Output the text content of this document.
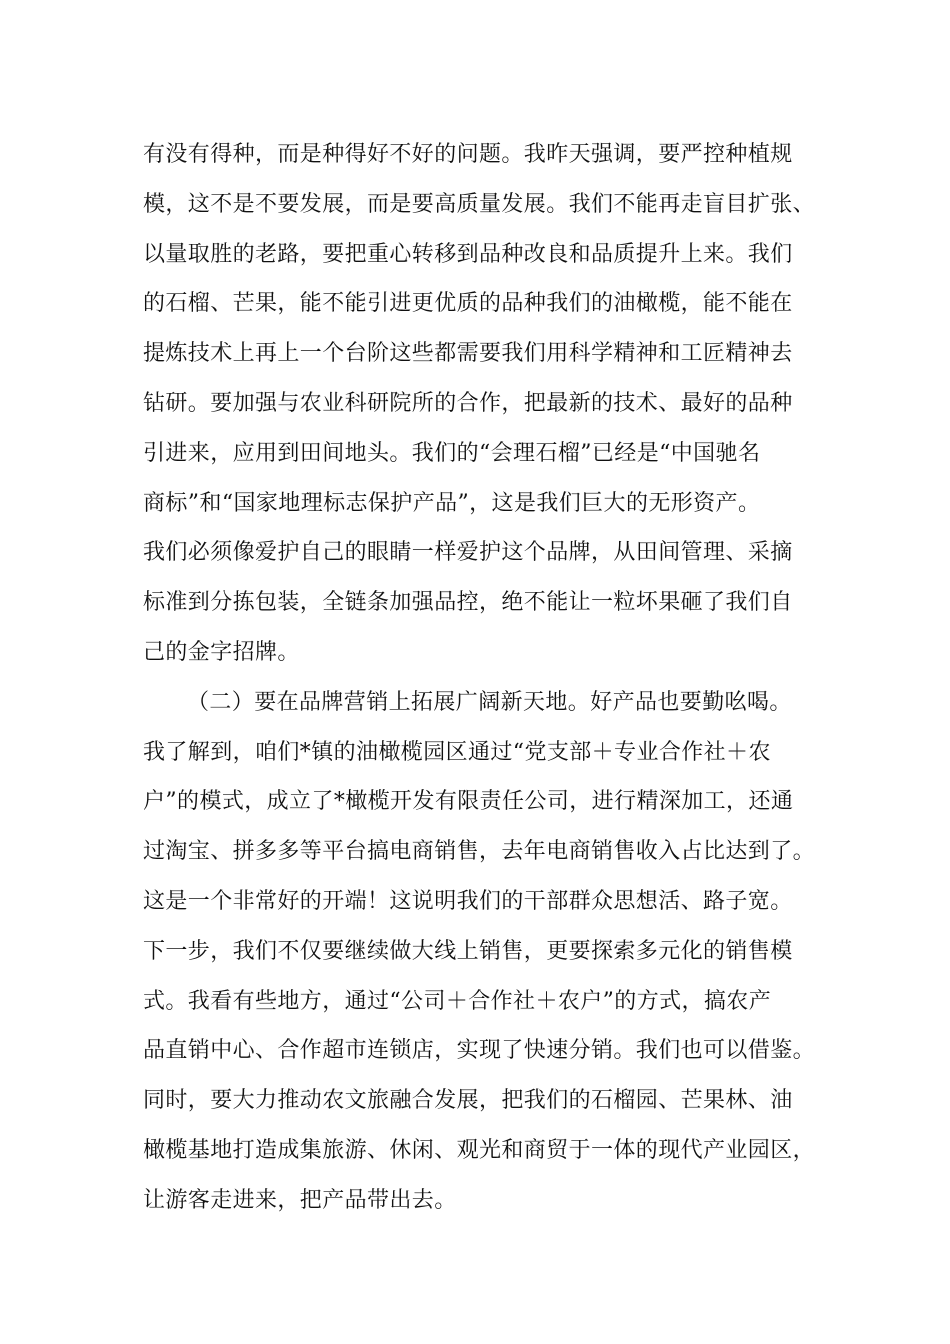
有没有得种，而是种得好不好的问题。我昨天强调，要严控种植规
模，这不是不要发展，而是要高质量发展。我们不能再走盲目扩张、
以量取胜的老路，要把重心转移到品种改良和品质提升上来。我们
的石榴、芒果，能不能引进更优质的品种我们的油橄榄，能不能在
提炼技术上再上一个台阶这些都需要我们用科学精神和工匠精神去
钻研。要加强与农业科研院所的合作，把最新的技术、最好的品种
引进来，应用到田间地头。我们的“会理石榴”已经是“中国驰名
商标”和“国家地理标志保护产品”，这是我们巨大的无形资产。
我们必须像爱护自己的眼睛一样爱护这个品牌，从田间管理、采摘
标准到分拣包装，全链条加强品控，绝不能让一粒坏果砸了我们自
己的金字招牌。
（二）要在品牌营销上拓展广阔新天地。好产品也要勤吆喝。
我了解到，咱们*镇的油橄榄园区通过“党支部＋专业合作社＋农
户”的模式，成立了*橄榄开发有限责任公司，进行精深加工，还通
过淘宝、拼多多等平台搞电商销售，去年电商销售收入占比达到了。
这是一个非常好的开端！这说明我们的干部群众思想活、路子宽。
下一步，我们不仅要继续做大线上销售，更要探索多元化的销售模
式。我看有些地方，通过“公司＋合作社＋农户”的方式，搞农产
品直销中心、合作超市连锁店，实现了快速分销。我们也可以借鉴。
同时，要大力推动农文旅融合发展，把我们的石榴园、芒果林、油
橄榄基地打造成集旅游、休闲、观光和商贸于一体的现代产业园区，
让游客走进来，把产品带出去。
